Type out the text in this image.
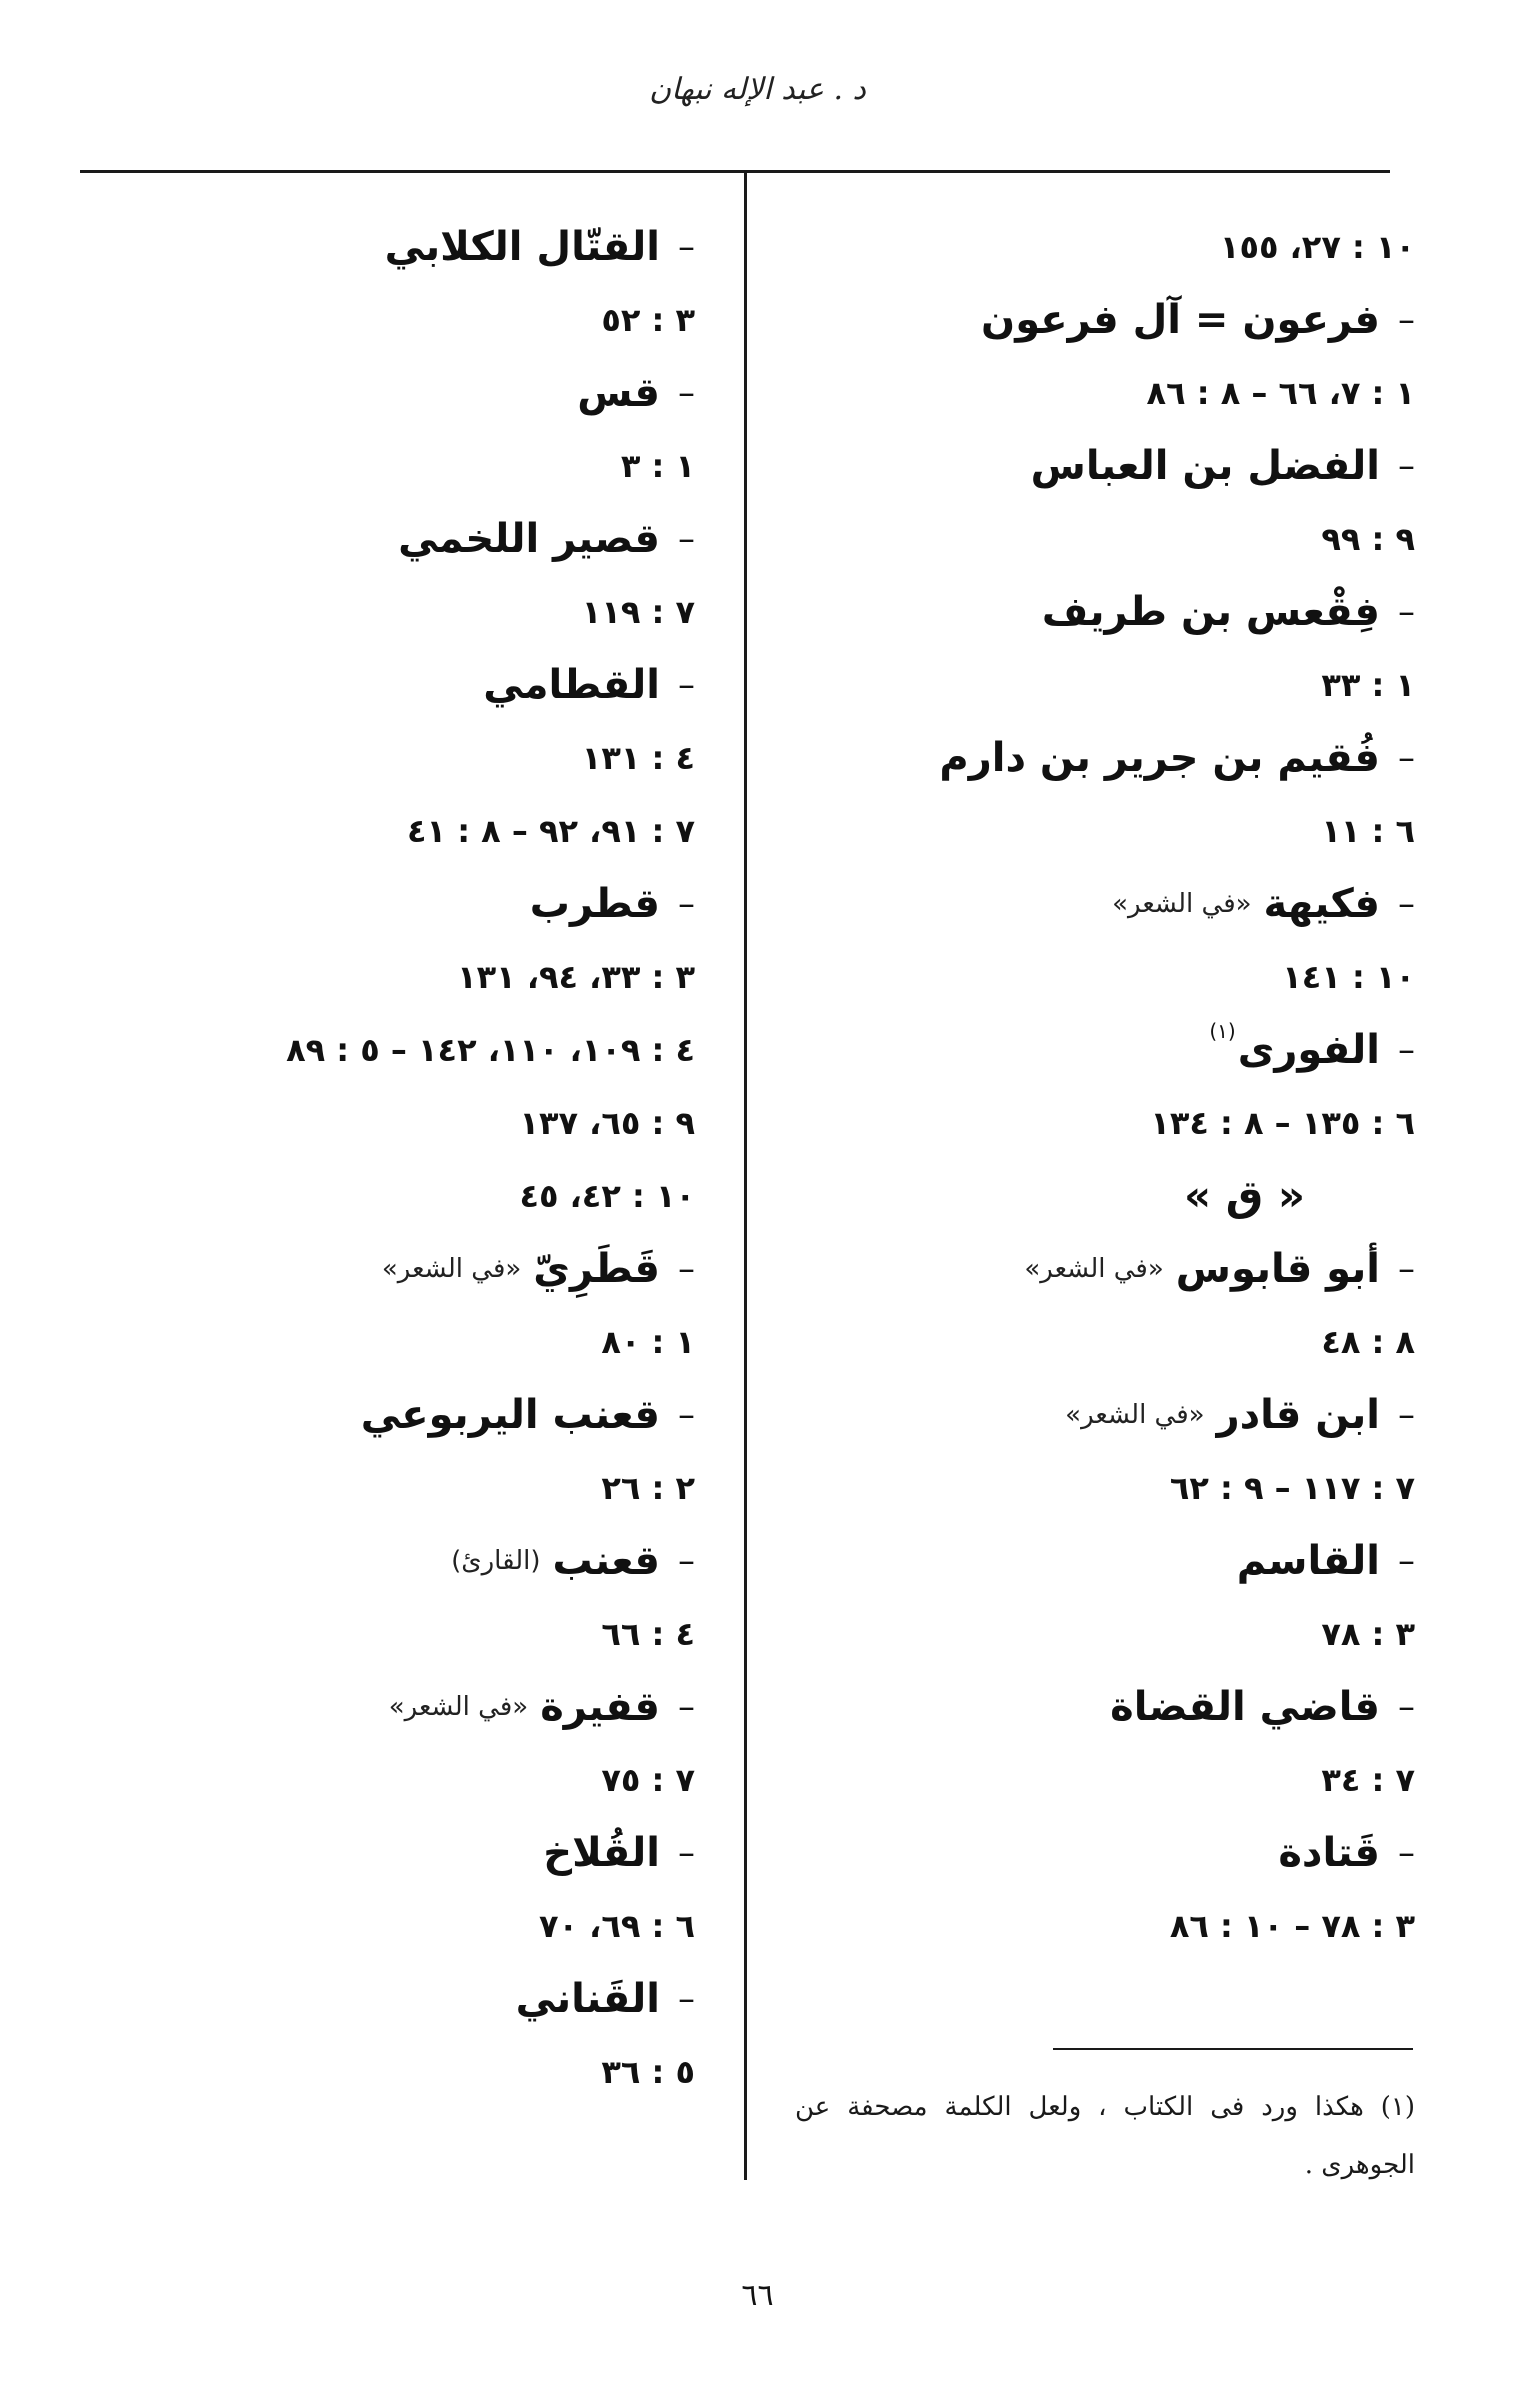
د . عبد الإله نبهان
١٠ : ٢٧، ١٥٥
–
فرعون = آل فرعون
١ : ٧، ٦٦ – ٨ : ٨٦
–
الفضل بن العباس
٩ : ٩٩
–
فِقْعس بن طريف
١ : ٣٣
–
فُقيم بن جرير بن دارم
٦ : ١١
–
فكيهة
«في الشعر»
١٠ : ١٤١
–
الفورى
(١)
٦ : ١٣٥ – ٨ : ١٣٤
« ق »
–
أبو قابوس
«في الشعر»
٨ : ٤٨
–
ابن قادر
«في الشعر»
٧ : ١١٧ – ٩ : ٦٢
–
القاسم
٣ : ٧٨
–
قاضي القضاة
٧ : ٣٤
–
قَتادة
٣ : ٧٨ – ١٠ : ٨٦
–
القتّال الكلابي
٣ : ٥٢
–
قس
١ : ٣
–
قصير اللخمي
٧ : ١١٩
–
القطامي
٤ : ١٣١
٧ : ٩١، ٩٢ – ٨ : ٤١
–
قطرب
٣ : ٣٣، ٩٤، ١٣١
٤ : ١٠٩، ١١٠، ١٤٢ – ٥ : ٨٩
٩ : ٦٥، ١٣٧
١٠ : ٤٢، ٤٥
–
قَطَرِيّ
«في الشعر»
١ : ٨٠
–
قعنب اليربوعي
٢ : ٢٦
–
قعنب
(القارئ)
٤ : ٦٦
–
قفيرة
«في الشعر»
٧ : ٧٥
–
القُلاخ
٦ : ٦٩، ٧٠
–
القَناني
٥ : ٣٦
(١) هكذا ورد فى الكتاب ، ولعل الكلمة مصحفة عن الجوهرى .
٦٦
